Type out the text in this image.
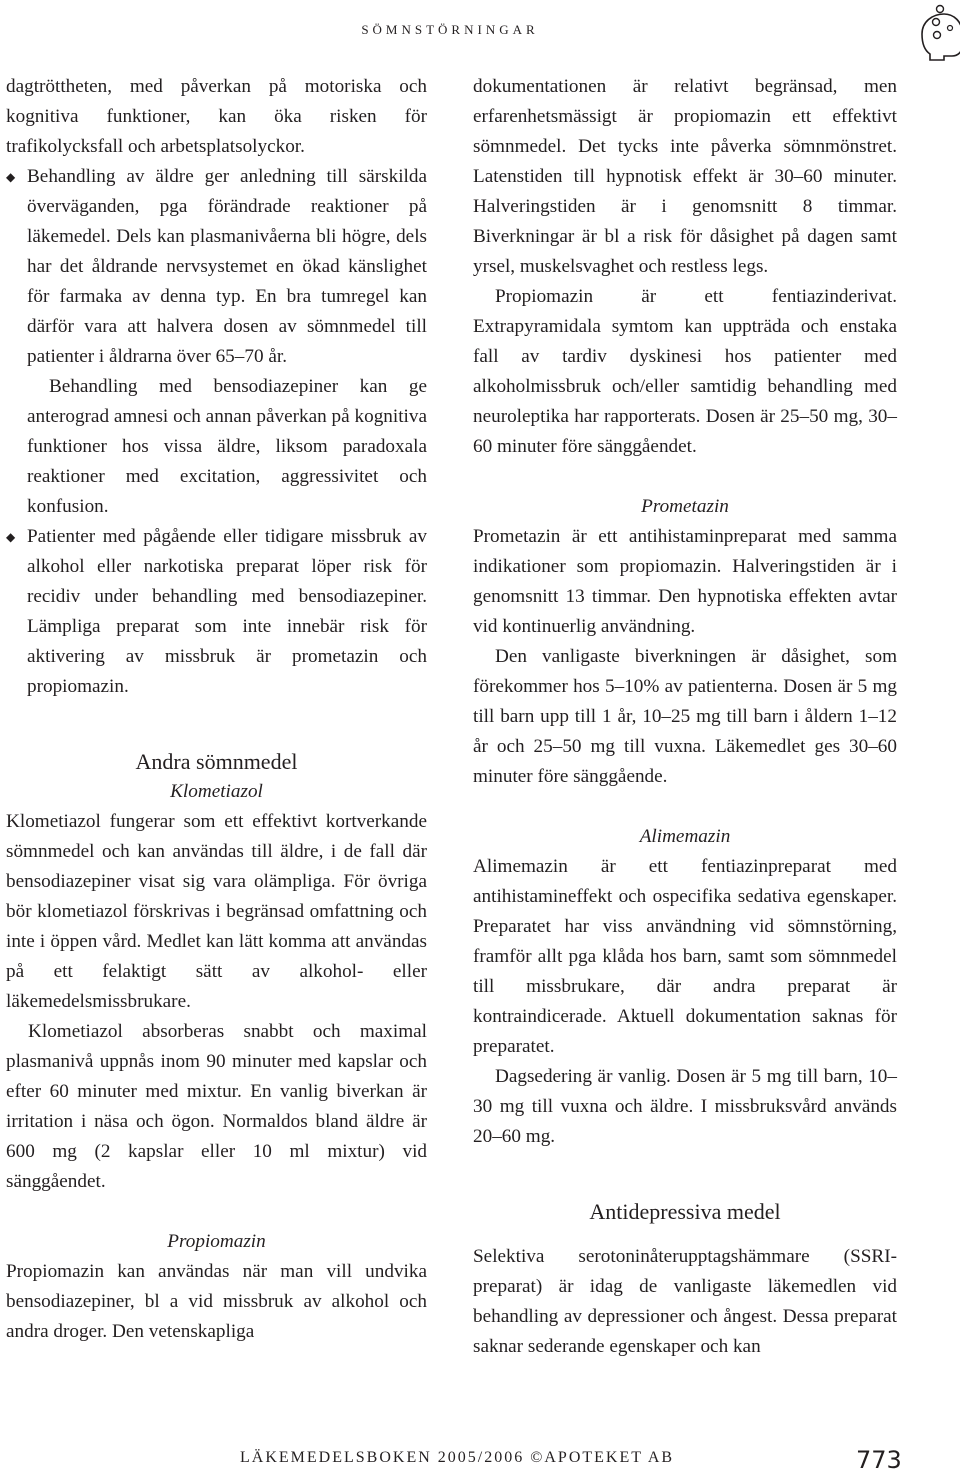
SÖMNSTÖRNINGAR

dagtröttheten, med påverkan på motoriska och kognitiva funktioner, kan öka risken för trafikolycksfall och arbetsplatsolyckor.

◆ Behandling av äldre ger anledning till särskilda överväganden, pga förändrade reaktioner på läkemedel. Dels kan plasmanivåerna bli högre, dels har det åldrande nervsystemet en ökad känslighet för farmaka av denna typ. En bra tumregel kan därför vara att halvera dosen av sömnmedel till patienter i åldrarna över 65–70 år.

Behandling med bensodiazepiner kan ge anterograd amnesi och annan påverkan på kognitiva funktioner hos vissa äldre, liksom paradoxala reaktioner med excitation, aggressivitet och konfusion.

◆ Patienter med pågående eller tidigare missbruk av alkohol eller narkotiska preparat löper risk för recidiv under behandling med bensodiazepiner. Lämpliga preparat som inte innebär risk för aktivering av missbruk är prometazin och propiomazin.

Andra sömnmedel
Klometiazol

Klometiazol fungerar som ett effektivt kortverkande sömnmedel och kan användas till äldre, i de fall där bensodiazepiner visat sig vara olämpliga. För övriga bör klometiazol förskrivas i begränsad omfattning och inte i öppen vård. Medlet kan lätt komma att användas på ett felaktigt sätt av alkohol- eller läkemedelsmissbrukare.

Klometiazol absorberas snabbt och maximal plasmanivå uppnås inom 90 minuter med kapslar och efter 60 minuter med mixtur. En vanlig biverkan är irritation i näsa och ögon. Normaldos bland äldre är 600 mg (2 kapslar eller 10 ml mixtur) vid sänggåendet.

Propiomazin

Propiomazin kan användas när man vill undvika bensodiazepiner, bl a vid missbruk av alkohol och andra droger. Den vetenskapliga

dokumentationen är relativt begränsad, men erfarenhetsmässigt är propiomazin ett effektivt sömnmedel. Det tycks inte påverka sömnmönstret. Latenstiden till hypnotisk effekt är 30–60 minuter. Halveringstiden är i genomsnitt 8 timmar. Biverkningar är bl a risk för dåsighet på dagen samt yrsel, muskelsvaghet och restless legs.

Propiomazin är ett fentiazinderivat. Extrapyramidala symtom kan uppträda och enstaka fall av tardiv dyskinesi hos patienter med alkoholmissbruk och/eller samtidig behandling med neuroleptika har rapporterats. Dosen är 25–50 mg, 30–60 minuter före sänggåendet.

Prometazin

Prometazin är ett antihistaminpreparat med samma indikationer som propiomazin. Halveringstiden är i genomsnitt 13 timmar. Den hypnotiska effekten avtar vid kontinuerlig användning.

Den vanligaste biverkningen är dåsighet, som förekommer hos 5–10% av patienterna. Dosen är 5 mg till barn upp till 1 år, 10–25 mg till barn i åldern 1–12 år och 25–50 mg till vuxna. Läkemedlet ges 30–60 minuter före sänggående.

Alimemazin

Alimemazin är ett fentiazinpreparat med antihistamineffekt och ospecifika sedativa egenskaper. Preparatet har viss användning vid sömnstörning, framför allt pga klåda hos barn, samt som sömnmedel till missbrukare, där andra preparat är kontraindicerade. Aktuell dokumentation saknas för preparatet.

Dagsedering är vanlig. Dosen är 5 mg till barn, 10–30 mg till vuxna och äldre. I missbruksvård används 20–60 mg.

Antidepressiva medel

Selektiva serotoninåterupptagshämmare (SSRI-preparat) är idag de vanligaste läkemedlen vid behandling av depressioner och ångest. Dessa preparat saknar sederande egenskaper och kan

LÄKEMEDELSBOKEN 2005/2006 ©APOTEKET AB	773
